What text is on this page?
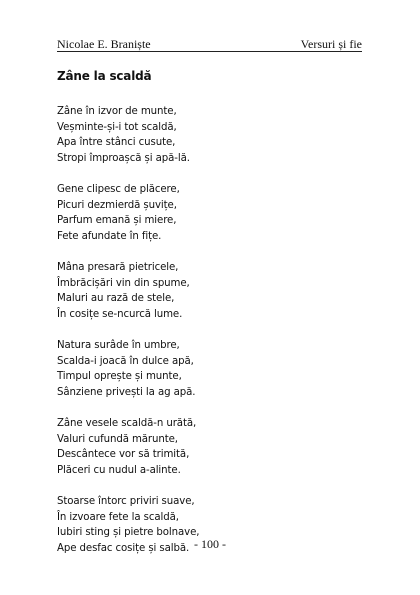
Nicolae E. Braniște	Versuri și fie
Zâne la scaldă
Zâne în izvor de munte,
Veșminte-și-i tot scaldă,
Apa între stânci cusute,
Stropi împroașcă și apă-lă.
Gene clipesc de plăcere,
Picuri dezmierdă șuvițe,
Parfum emană și miere,
Fete afundate în fițe.
Mâna presară pietricele,
Îmbrăcișări vin din spume,
Maluri au rază de stele,
În cosițe se-ncurcă lume.
Natura surâde în umbre,
Scalda-i joacă în dulce apă,
Timpul oprește și munte,
Sânziene privești la ag apă.
Zâne vesele scaldă-n urătă,
Valuri cufundă mărunte,
Descântece vor să trimită,
Plăceri cu nudul a-alinte.
Stoarse întorc priviri suave,
În izvoare fete la scaldă,
Iubiri sting și pietre bolnave,
Ape desfac cosițe și salbă. - 100 -
